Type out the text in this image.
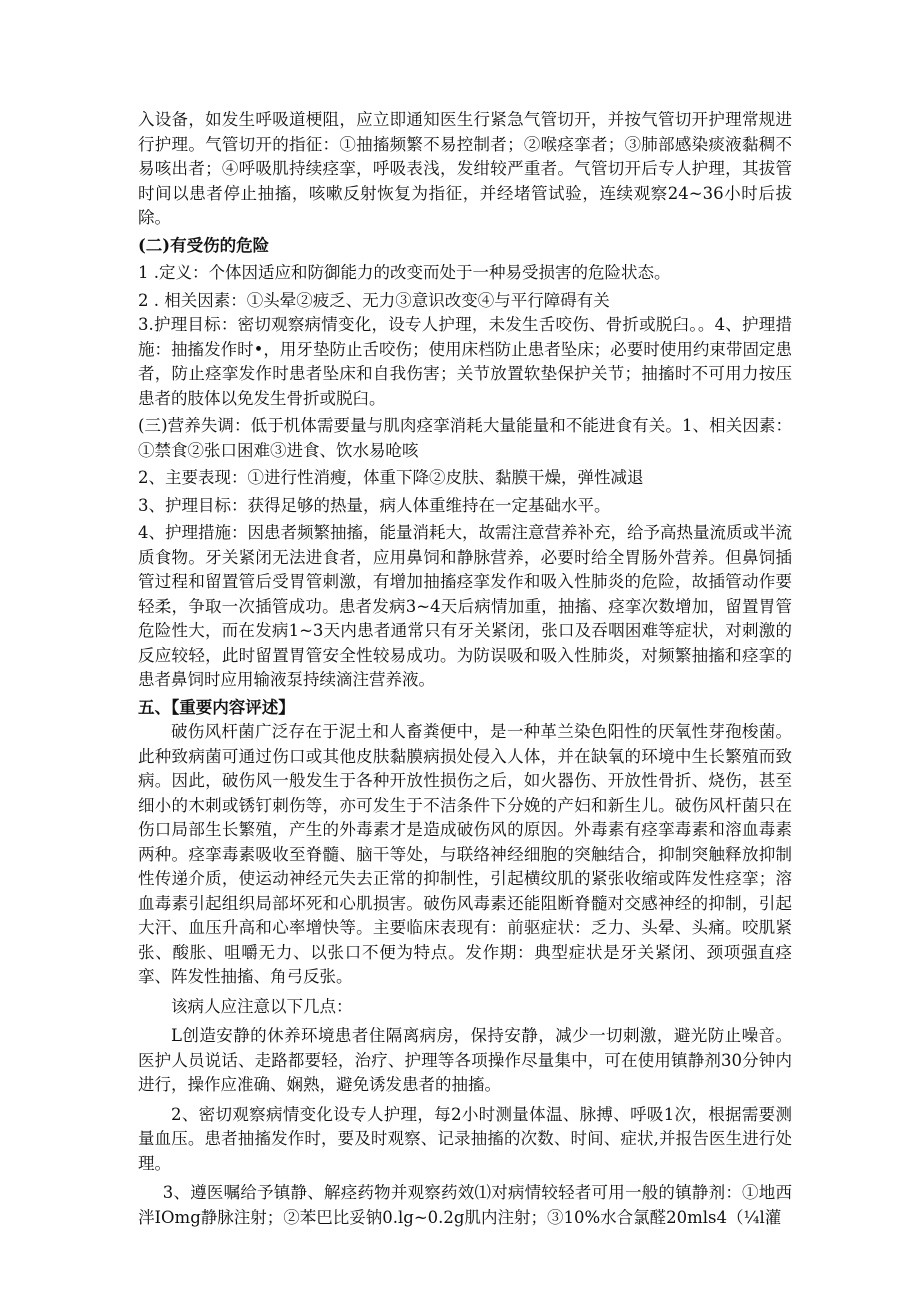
入设备，如发生呼吸道梗阻，应立即通知医生行紧急气管切开，并按气管切开护理常规进行护理。气管切开的指征：①抽搐频繁不易控制者；②喉痉挛者；③肺部感染痰液黏稠不易咳出者；④呼吸肌持续痉挛，呼吸表浅，发绀较严重者。气管切开后专人护理，其拔管时间以患者停止抽搐，咳嗽反射恢复为指征，并经堵管试验，连续观察24~36小时后拔除。

(二)有受伤的危险

1 .定义：个体因适应和防御能力的改变而处于一种易受损害的危险状态。

2 . 相关因素：①头晕②疲乏、无力③意识改变④与平行障碍有关

3.护理目标：密切观察病情变化，设专人护理，未发生舌咬伤、骨折或脱臼。。4、护理措施：抽搐发作时•，用牙垫防止舌咬伤；使用床档防止患者坠床；必要时使用约束带固定患者，防止痉挛发作时患者坠床和自我伤害；关节放置软垫保护关节；抽搐时不可用力按压患者的肢体以免发生骨折或脱臼。

(三)营养失调：低于机体需要量与肌肉痉挛消耗大量能量和不能进食有关。1、相关因素：①禁食②张口困难③进食、饮水易呛咳

2、主要表现：①进行性消瘦，体重下降②皮肤、黏膜干燥，弹性减退

3、护理目标：获得足够的热量，病人体重维持在一定基础水平。

4、护理措施：因患者频繁抽搐，能量消耗大，故需注意营养补充，给予高热量流质或半流质食物。牙关紧闭无法进食者，应用鼻饲和静脉营养，必要时给全胃肠外营养。但鼻饲插管过程和留置管后受胃管刺激，有增加抽搐痉挛发作和吸入性肺炎的危险，故插管动作要轻柔，争取一次插管成功。患者发病3~4天后病情加重，抽搐、痉挛次数增加，留置胃管危险性大，而在发病1~3天内患者通常只有牙关紧闭，张口及吞咽困难等症状，对刺激的反应较轻，此时留置胃管安全性较易成功。为防误吸和吸入性肺炎，对频繁抽搐和痉挛的患者鼻饲时应用输液泵持续滴注营养液。

五、【重要内容评述】

破伤风杆菌广泛存在于泥土和人畜粪便中，是一种革兰染色阳性的厌氧性芽孢梭菌。此种致病菌可通过伤口或其他皮肤黏膜病损处侵入人体，并在缺氧的环境中生长繁殖而致病。因此，破伤风一般发生于各种开放性损伤之后，如火器伤、开放性骨折、烧伤，甚至细小的木刺或锈钉刺伤等，亦可发生于不洁条件下分娩的产妇和新生儿。破伤风杆菌只在伤口局部生长繁殖，产生的外毒素才是造成破伤风的原因。外毒素有痉挛毒素和溶血毒素两种。痉挛毒素吸收至脊髓、脑干等处，与联络神经细胞的突触结合，抑制突触释放抑制性传递介质，使运动神经元失去正常的抑制性，引起横纹肌的紧张收缩或阵发性痉挛；溶血毒素引起组织局部坏死和心肌损害。破伤风毒素还能阻断脊髓对交感神经的抑制，引起大汗、血压升高和心率增快等。主要临床表现有：前驱症状：乏力、头晕、头痛。咬肌紧张、酸胀、咀嚼无力、以张口不便为特点。发作期：典型症状是牙关紧闭、颈项强直痉挛、阵发性抽搐、角弓反张。

该病人应注意以下几点：

L创造安静的休养环境患者住隔离病房，保持安静，减少一切刺激，避光防止噪音。医护人员说话、走路都要轻，治疗、护理等各项操作尽量集中，可在使用镇静剂30分钟内进行，操作应准确、娴熟，避免诱发患者的抽搐。

2、密切观察病情变化设专人护理，每2小时测量体温、脉搏、呼吸1次，根据需要测量血压。患者抽搐发作时，要及时观察、记录抽搐的次数、时间、症状,并报告医生进行处理。

3、遵医嘱给予镇静、解痉药物并观察药效⑴对病情较轻者可用一般的镇静剂：①地西泮IOmg静脉注射；②苯巴比妥钠0.lg~0.2g肌内注射；③10%水合氯醛20mls4（¼l灌
